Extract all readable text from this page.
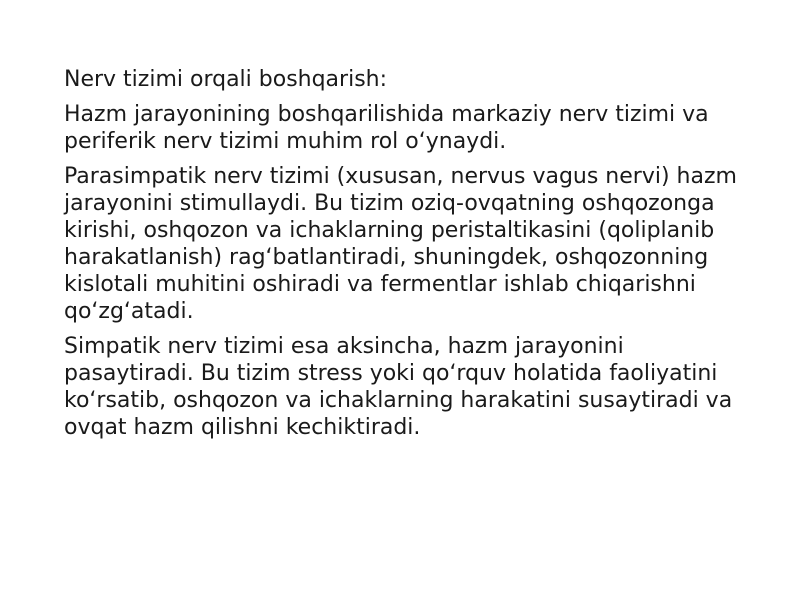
Nerv tizimi orqali boshqarish:

Hazm jarayonining boshqarilishida markaziy nerv tizimi va periferik nerv tizimi muhim rol o‘ynaydi.

Parasimpatik nerv tizimi (xususan, nervus vagus nervi) hazm jarayonini stimullaydi. Bu tizim oziq-ovqatning oshqozonga kirishi, oshqozon va ichaklarning peristaltikasini (qoliplanib harakatlanish) rag‘batlantiradi, shuningdek, oshqozonning kislotali muhitini oshiradi va fermentlar ishlab chiqarishni qo‘zg‘atadi.

Simpatik nerv tizimi esa aksincha, hazm jarayonini pasaytiradi. Bu tizim stress yoki qo‘rquv holatida faoliyatini ko‘rsatib, oshqozon va ichaklarning harakatini susaytiradi va ovqat hazm qilishni kechiktiradi.
